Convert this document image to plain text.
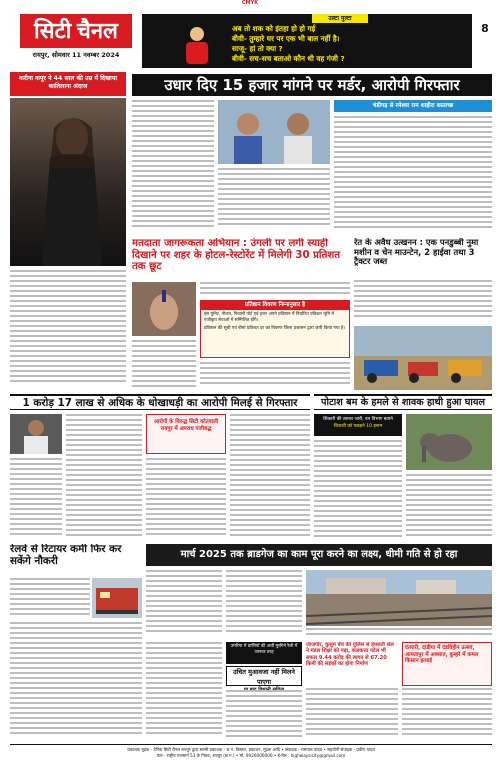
CMYK
सिटी चैनल
रायपुर, सोमवार 11 नवम्बर 2024
उल्टा पुल्टा
अब तो शक को इंतहा हो हो गई
बीवी- तुम्हारे घर पर एक भी बाल नहीं है।
साजू- हां तो क्या ?
बीवी- सच-सच बताओ कौन थी वह गंजी ?
8
करीना कपूर ने 44 साल की उम्र में दिखाया कातिलाना अंदाज	उधार दिए 15 हजार मांगने पर मर्डर, आरोपी गिरफ्तार
चंडीगढ़ से रमेश्‍वर राम शाहीरा बस्ताच्छ
मतदाता जागरूकता अभियान : उंगली पर लगी स्याही दिखाने पर शहर के होटल-रेस्टोरेंट में मिलेगी 30 प्रतिशत तक छूट
प्रतिष्ठान विवरण निम्नानुसार है
इस युनिट, नीजन, निवासी पोर्ट एवं इजर अपने प्रतिष्ठान में निर्धारित प्रतिशत भूमि में पंजीकृत सेवाओं में सम्मिलित होंगे।
प्रतिष्ठान की सूची एवं बीमा प्रतिशत दर का विवरण जिला प्रशासन द्वारा जारी किया गया है।
रेत के अवैध उत्खनन : एक पनडुब्बी नुमा मशीन व चेन माउन्टेन, 2 हाईवा तथा 3 ट्रैक्टर जब्त
1 करोड़ 17 लाख से अधिक के धोखाधड़ी का आरोपी मिलई से गिरफ्तार
आरोपी के विरुद्ध सिटी कोतवाली रायपुर में अपराध पंजीबद्ध
पोटाश बम के हमले से शावक हाथी हुआ घायल
शिकारी की तलाश जारी, वन विभाग बताने
शिकारी को पकड़ने 10 इनाम
रेलवे से रिटायर कर्मी फिर कर सकेंगे नौकरी
मार्च 2025 तक ब्राडगेज का काम पूरा करने का लक्ष्य, धीमी गति से हो रहा
उमरिया में प्राणियों की अर्थी मुरगिने रैली में जानवर तरह
उचित मुआवजा नहीं मिलने पाएगा
जांजगीर, कुसुम बेंच की पुलिस से हमलती सेल ने मंडल शिक्षा को पढ़ा, कलकत्ता पटेल भी सफल 9.44 करोड़ की लागत से 67.20 किमी की सड़कों का होगा निर्माण
दंतरारी, दांडीया में दंडविहीन उत्सव, आमतापुर में अक्सात, कुम्हरे में कमल किसान हत्याई
प्रकाशक मुद्रक - दैनिक सिटी चैनल रायपुर द्वारा स्वामी प्रकाशक - छ.ग. विस्तार, प्रकाशन, मुद्रक आदि • संपादक - रामपाल यादव • सहयोगी संपादक - प्रवीण यादव
पता - राष्ट्रीय राजमार्ग 53 के निकट, रायपुर (छ.ग.) • मो. 9926000000 • ई-मेल : highwaysicity@gmail.com
